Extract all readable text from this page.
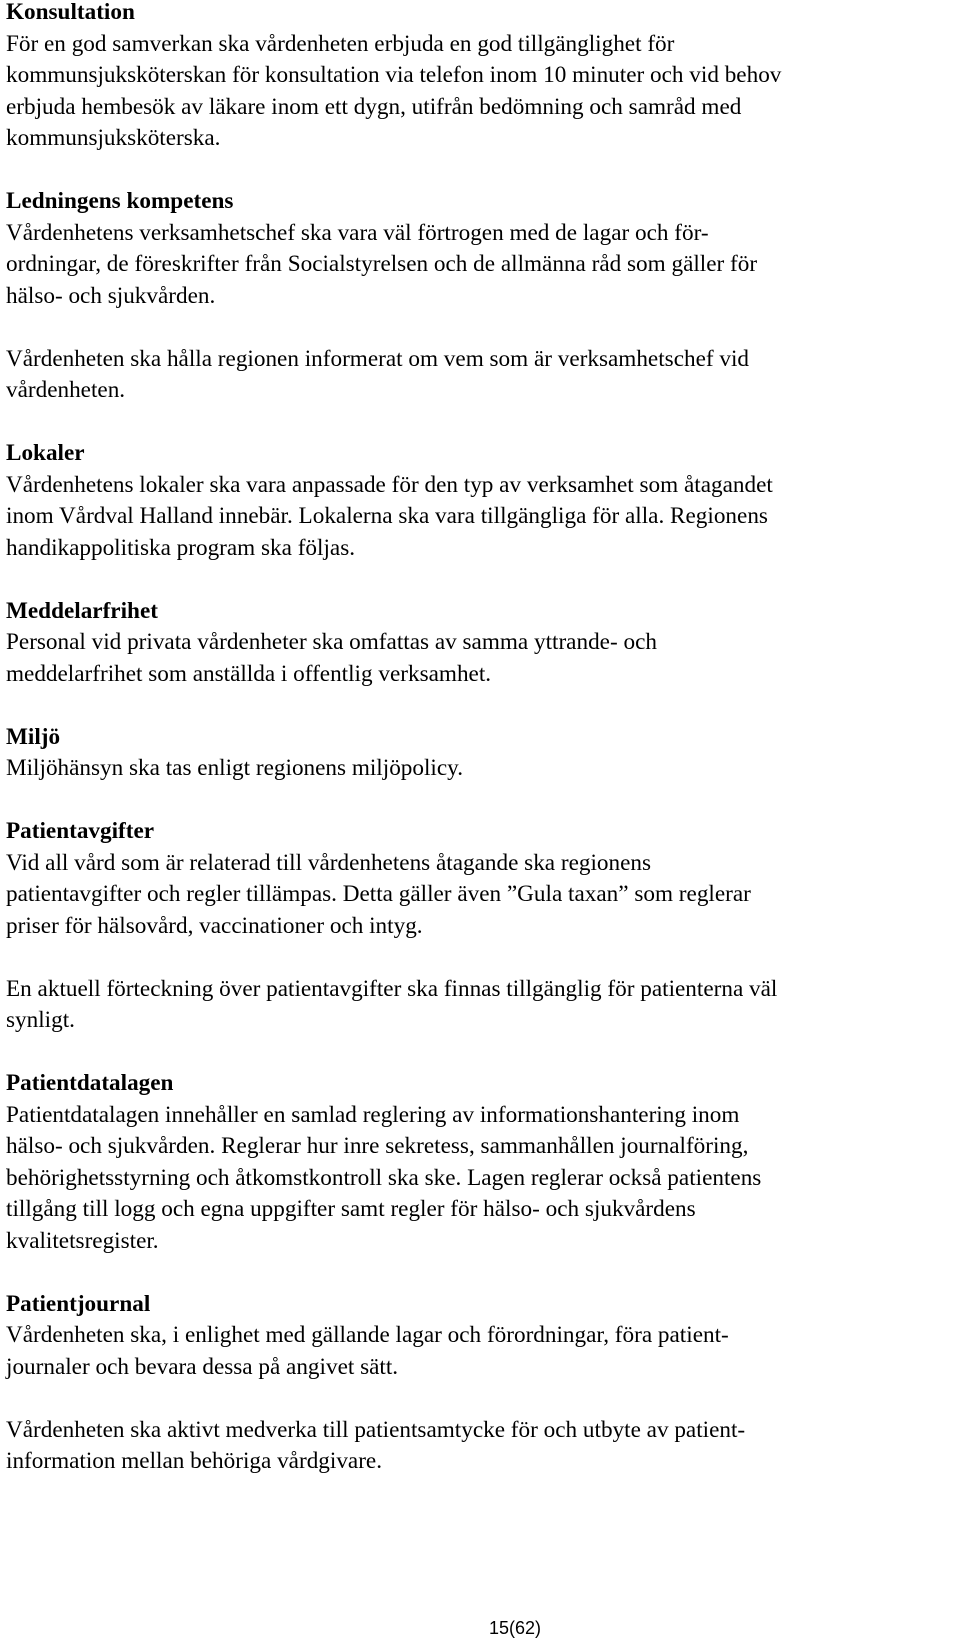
Konsultation
För en god samverkan ska vårdenheten erbjuda en god tillgänglighet för
kommunsjuksköterskan för konsultation via telefon inom 10 minuter och vid behov
erbjuda hembesök av läkare inom ett dygn, utifrån bedömning och samråd med
kommunsjuksköterska.
Ledningens kompetens
Vårdenhetens verksamhetschef ska vara väl förtrogen med de lagar och för-
ordningar, de föreskrifter från Socialstyrelsen och de allmänna råd som gäller för
hälso- och sjukvården.
Vårdenheten ska hålla regionen informerat om vem som är verksamhetschef vid
vårdenheten.
Lokaler
Vårdenhetens lokaler ska vara anpassade för den typ av verksamhet som åtagandet
inom Vårdval Halland innebär. Lokalerna ska vara tillgängliga för alla. Regionens
handikappolitiska program ska följas.
Meddelarfrihet
Personal vid privata vårdenheter ska omfattas av samma yttrande- och
meddelarfrihet som anställda i offentlig verksamhet.
Miljö
Miljöhänsyn ska tas enligt regionens miljöpolicy.
Patientavgifter
Vid all vård som är relaterad till vårdenhetens åtagande ska regionens
patientavgifter och regler tillämpas. Detta gäller även ”Gula taxan” som reglerar
priser för hälsovård, vaccinationer och intyg.
En aktuell förteckning över patientavgifter ska finnas tillgänglig för patienterna väl
synligt.
Patientdatalagen
Patientdatalagen innehåller en samlad reglering av informationshantering inom
hälso- och sjukvården. Reglerar hur inre sekretess, sammanhållen journalföring,
behörighetsstyrning och åtkomstkontroll ska ske. Lagen reglerar också patientens
tillgång till logg och egna uppgifter samt regler för hälso- och sjukvårdens
kvalitetsregister.
Patientjournal
Vårdenheten ska, i enlighet med gällande lagar och förordningar, föra patient-
journaler och bevara dessa på angivet sätt.
Vårdenheten ska aktivt medverka till patientsamtycke för och utbyte av patient-
information mellan behöriga vårdgivare.
15(62)
